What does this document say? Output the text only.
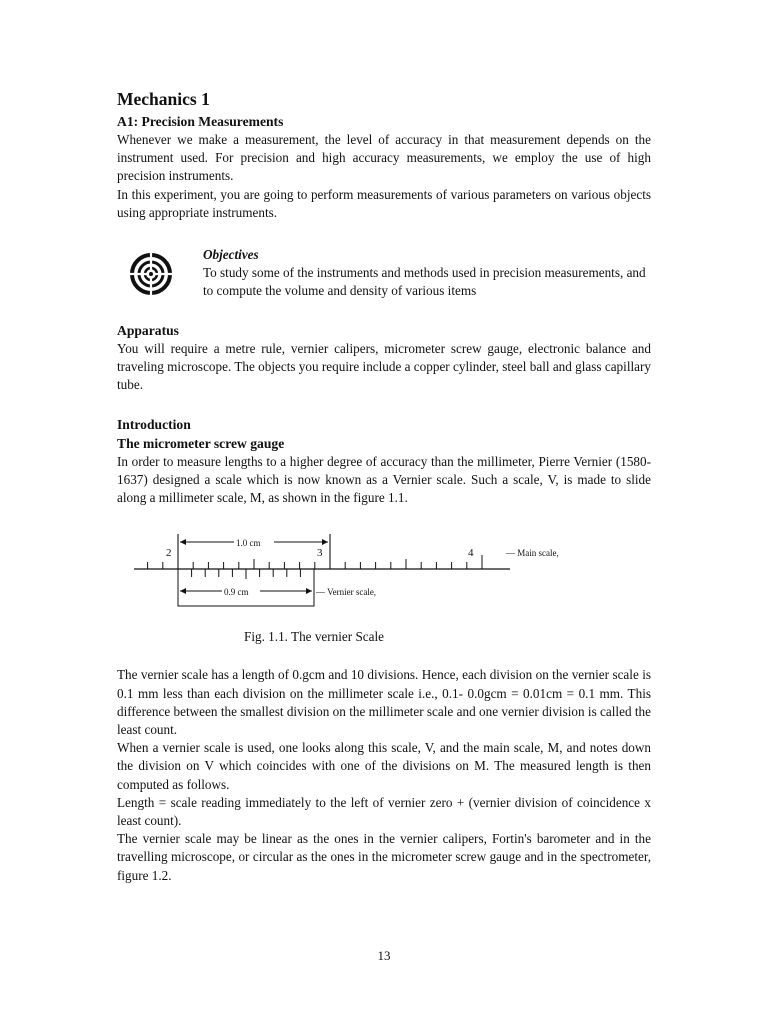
Mechanics 1
A1: Precision Measurements

Whenever we make a measurement, the level of accuracy in that measurement depends on the instrument used. For precision and high accuracy measurements, we employ the use of high precision instruments.

In this experiment, you are going to perform measurements of various parameters on various objects using appropriate instruments.

Objectives

To study some of the instruments and methods used in precision measurements, and to compute the volume and density of various items

Apparatus

You will require a metre rule, vernier calipers, micrometer screw gauge, electronic balance and traveling microscope. The objects you require include a copper cylinder, steel ball and glass capillary tube.

Introduction
The micrometer screw gauge

In order to measure lengths to a higher degree of accuracy than the millimeter, Pierre Vernier (1580-1637) designed a scale which is now known as a Vernier scale. Such a scale, V, is made to slide along a millimeter scale, M, as shown in the figure 1.1.

2	3	4	— Main scale,
1.0 cm
0.9 cm	— Vernier scale,

Fig. 1.1. The vernier Scale

The vernier scale has a length of 0.gcm and 10 divisions. Hence, each division on the vernier scale is 0.1 mm less than each division on the millimeter scale i.e., 0.1- 0.0gcm = 0.01cm = 0.1 mm. This difference between the smallest division on the millimeter scale and one vernier division is called the least count.

When a vernier scale is used, one looks along this scale, V, and the main scale, M, and notes down the division on V which coincides with one of the divisions on M. The measured length is then computed as follows.

Length = scale reading immediately to the left of vernier zero + (vernier division of coincidence x least count).

The vernier scale may be linear as the ones in the vernier calipers, Fortin's barometer and in the travelling microscope, or circular as the ones in the micrometer screw gauge and in the spectrometer, figure 1.2.

13
